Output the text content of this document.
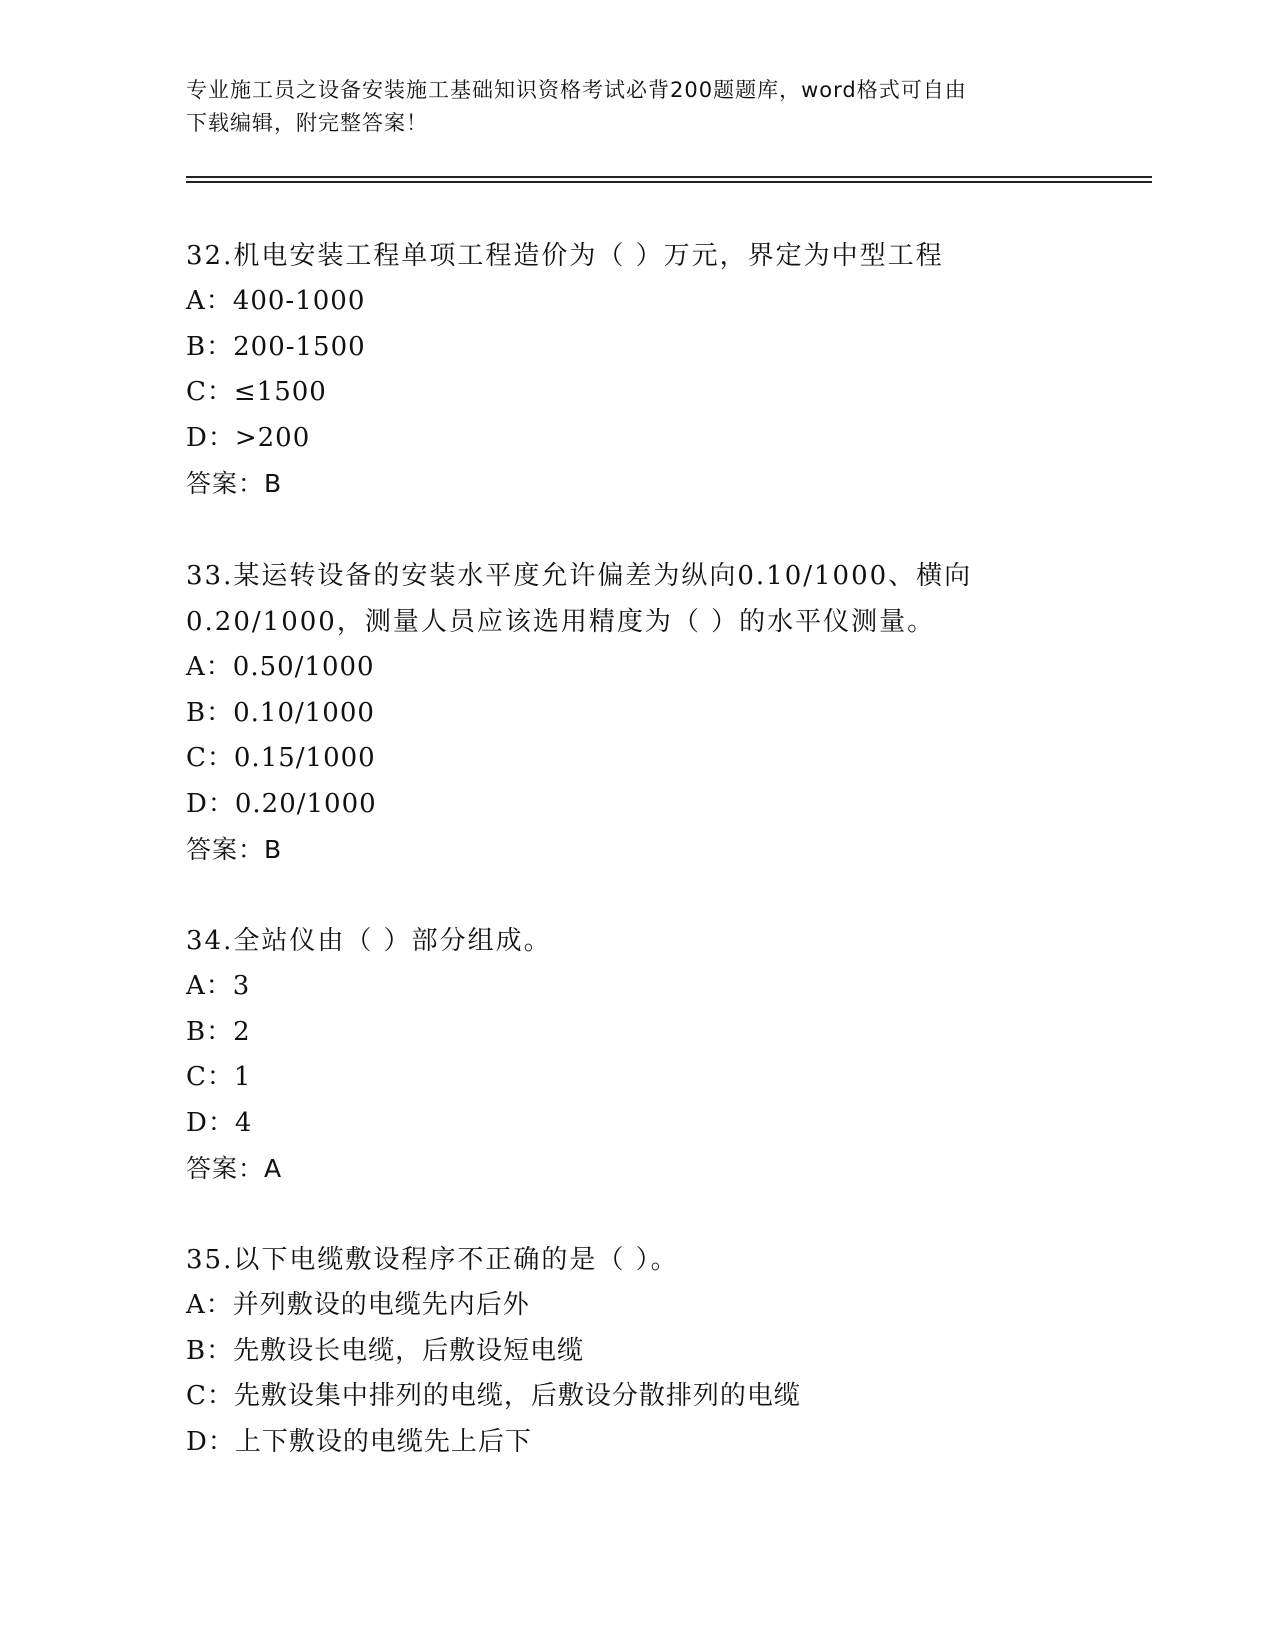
专业施工员之设备安装施工基础知识资格考试必背200题题库，word格式可自由
下载编辑，附完整答案！
32.机电安装工程单项工程造价为（ ）万元，界定为中型工程
A：400-1000
B：200-1500
C：≤1500
D：>200
答案：B
33.某运转设备的安装水平度允许偏差为纵向0.10/1000、横向
0.20/1000，测量人员应该选用精度为（ ）的水平仪测量。
A：0.50/1000
B：0.10/1000
C：0.15/1000
D：0.20/1000
答案：B
34.全站仪由（ ）部分组成。
A：3
B：2
C：1
D：4
答案：A
35.以下电缆敷设程序不正确的是（ ）。
A：并列敷设的电缆先内后外
B：先敷设长电缆，后敷设短电缆
C：先敷设集中排列的电缆，后敷设分散排列的电缆
D：上下敷设的电缆先上后下
